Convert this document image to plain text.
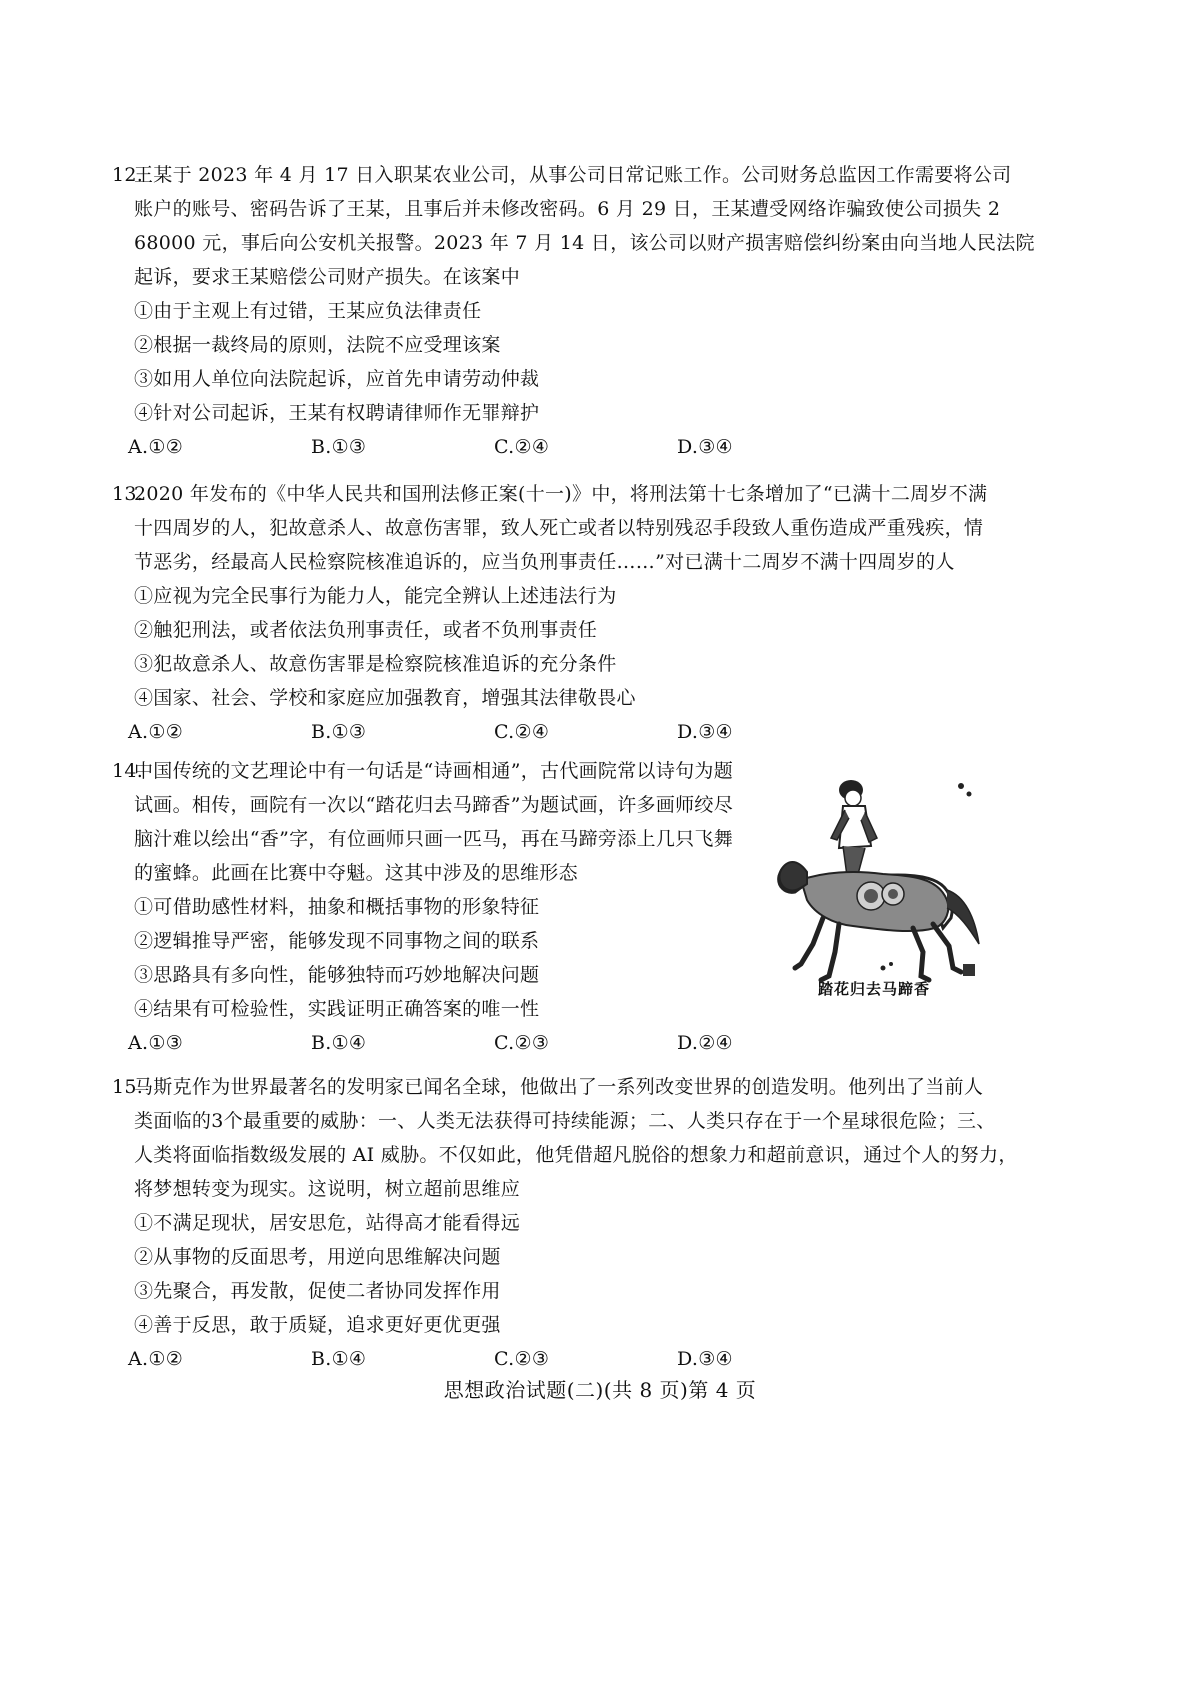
12.王某于 2023 年 4 月 17 日入职某农业公司，从事公司日常记账工作。公司财务总监因工作需要将公司
账户的账号、密码告诉了王某，且事后并未修改密码。6 月 29 日，王某遭受网络诈骗致使公司损失 2
68000 元，事后向公安机关报警。2023 年 7 月 14 日，该公司以财产损害赔偿纠纷案由向当地人民法院
起诉，要求王某赔偿公司财产损失。在该案中

①由于主观上有过错，王某应负法律责任

②根据一裁终局的原则，法院不应受理该案

③如用人单位向法院起诉，应首先申请劳动仲裁

④针对公司起诉，王某有权聘请律师作无罪辩护

A.①②	B.①③	C.②④	D.③④

13.2020 年发布的《中华人民共和国刑法修正案(十一)》中，将刑法第十七条增加了“已满十二周岁不满
十四周岁的人，犯故意杀人、故意伤害罪，致人死亡或者以特别残忍手段致人重伤造成严重残疾，情
节恶劣，经最高人民检察院核准追诉的，应当负刑事责任……”对已满十二周岁不满十四周岁的人

①应视为完全民事行为能力人，能完全辨认上述违法行为

②触犯刑法，或者依法负刑事责任，或者不负刑事责任

③犯故意杀人、故意伤害罪是检察院核准追诉的充分条件

④国家、社会、学校和家庭应加强教育，增强其法律敬畏心

A.①②	B.①③	C.②④	D.③④

14.中国传统的文艺理论中有一句话是“诗画相通”，古代画院常以诗句为题
试画。相传，画院有一次以“踏花归去马蹄香”为题试画，许多画师绞尽
脑汁难以绘出“香”字，有位画师只画一匹马，再在马蹄旁添上几只飞舞
的蜜蜂。此画在比赛中夺魁。这其中涉及的思维形态

①可借助感性材料，抽象和概括事物的形象特征

②逻辑推导严密，能够发现不同事物之间的联系

③思路具有多向性，能够独特而巧妙地解决问题

④结果有可检验性，实践证明正确答案的唯一性

A.①③	B.①④	C.②③	D.②④
踏花归去马蹄香

15.马斯克作为世界最著名的发明家已闻名全球，他做出了一系列改变世界的创造发明。他列出了当前人
类面临的3个最重要的威胁：一、人类无法获得可持续能源；二、人类只存在于一个星球很危险；三、
人类将面临指数级发展的 AI 威胁。不仅如此，他凭借超凡脱俗的想象力和超前意识，通过个人的努力，
将梦想转变为现实。这说明，树立超前思维应

①不满足现状，居安思危，站得高才能看得远

②从事物的反面思考，用逆向思维解决问题

③先聚合，再发散，促使二者协同发挥作用

④善于反思，敢于质疑，追求更好更优更强

A.①②	B.①④	C.②③	D.③④
思想政治试题(二)(共 8 页)第 4 页
